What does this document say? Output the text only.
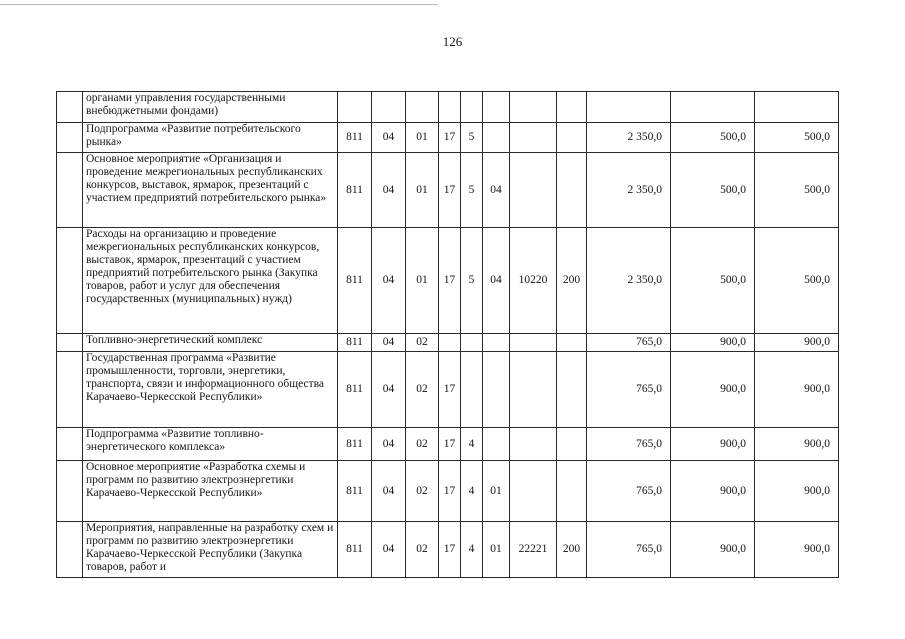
126
	органами управления государственными внебюджетными фондами)											
	Подпрограмма «Развитие потребительского рынка»	811	04	01	17	5				2 350,0	500,0	500,0
	Основное мероприятие «Организация и проведение межрегиональных республиканских конкурсов, выставок, ярмарок, презентаций с участием предприятий потребительского рынка»	811	04	01	17	5	04			2 350,0	500,0	500,0
	Расходы на организацию и проведение межрегиональных республиканских конкурсов, выставок, ярмарок, презентаций с участием предприятий потребительского рынка (Закупка товаров, работ и услуг для обеспечения государственных (муниципальных) нужд)	811	04	01	17	5	04	10220	200	2 350,0	500,0	500,0
	Топливно-энергетический комплекс	811	04	02						765,0	900,0	900,0
	Государственная программа «Развитие промышленности, торговли, энергетики, транспорта, связи и информационного общества Карачаево-Черкесской Республики»	811	04	02	17					765,0	900,0	900,0
	Подпрограмма «Развитие топливно-энергетического комплекса»	811	04	02	17	4				765,0	900,0	900,0
	Основное мероприятие «Разработка схемы и программ по развитию электроэнергетики Карачаево-Черкесской Республики»	811	04	02	17	4	01			765,0	900,0	900,0
	Мероприятия, направленные на разработку схем и программ по развитию электроэнергетики Карачаево-Черкесской Республики (Закупка товаров, работ и	811	04	02	17	4	01	22221	200	765,0	900,0	900,0
